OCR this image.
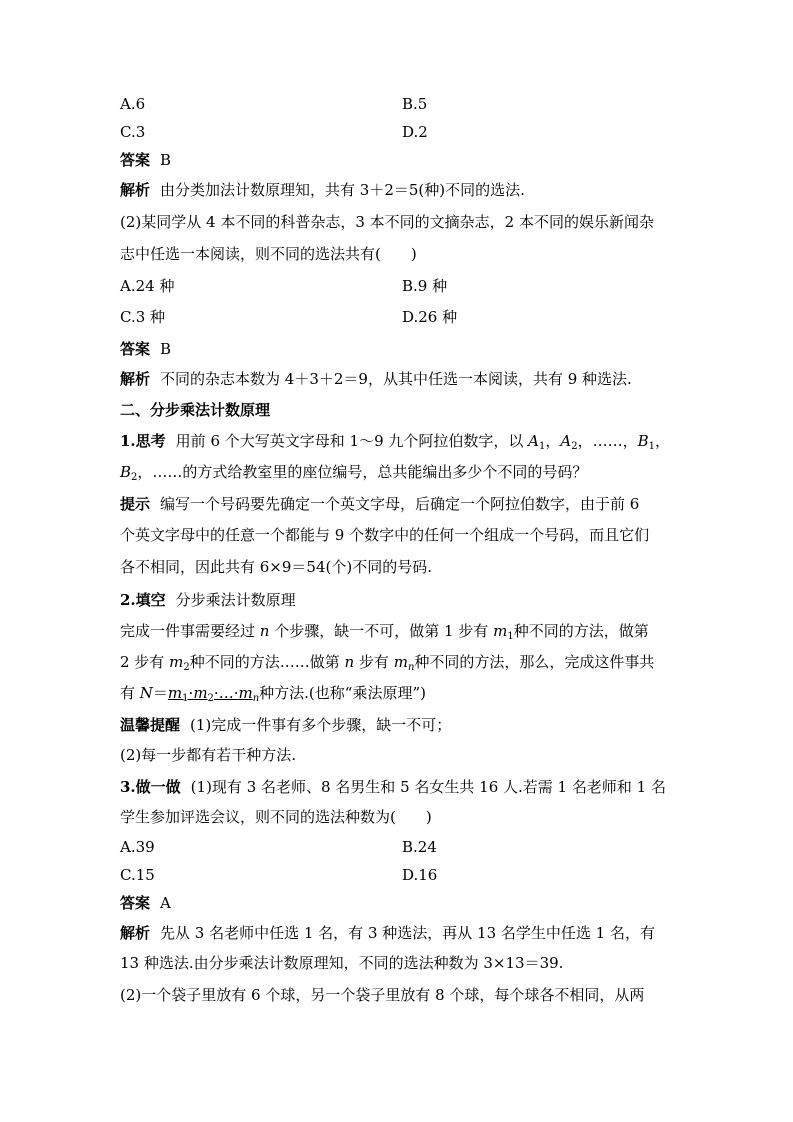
A.6	B.5
C.3	D.2
答案 B
解析 由分类加法计数原理知，共有 3＋2＝5(种)不同的选法.
(2)某同学从 4 本不同的科普杂志，3 本不同的文摘杂志，2 本不同的娱乐新闻杂
志中任选一本阅读，则不同的选法共有(　　)
A.24 种	B.9 种
C.3 种	D.26 种
答案 B
解析 不同的杂志本数为 4＋3＋2＝9，从其中任选一本阅读，共有 9 种选法.
二、分步乘法计数原理
1.思考 用前 6 个大写英文字母和 1～9 九个阿拉伯数字，以 $A_1$，$A_2$，……，$B_1$，
$B_2$，……的方式给教室里的座位编号，总共能编出多少个不同的号码？
提示 编写一个号码要先确定一个英文字母，后确定一个阿拉伯数字，由于前 6
个英文字母中的任意一个都能与 9 个数字中的任何一个组成一个号码，而且它们
各不相同，因此共有 6×9＝54(个)不同的号码.
2.填空 分步乘法计数原理
完成一件事需要经过 n 个步骤，缺一不可，做第 1 步有 $m_1$种不同的方法，做第
2 步有 $m_2$种不同的方法……做第 n 步有 $m_n$种不同的方法，那么，完成这件事共
有 $N=m_1\cdot m_2\cdot\dots\cdot m_n$种方法.(也称“乘法原理”)
温馨提醒 (1)完成一件事有多个步骤，缺一不可；
(2)每一步都有若干种方法.
3.做一做 (1)现有 3 名老师、8 名男生和 5 名女生共 16 人.若需 1 名老师和 1 名
学生参加评选会议，则不同的选法种数为(　　)
A.39	B.24
C.15	D.16
答案 A
解析 先从 3 名老师中任选 1 名，有 3 种选法，再从 13 名学生中任选 1 名，有
13 种选法.由分步乘法计数原理知，不同的选法种数为 3×13＝39.
(2)一个袋子里放有 6 个球，另一个袋子里放有 8 个球，每个球各不相同，从两
